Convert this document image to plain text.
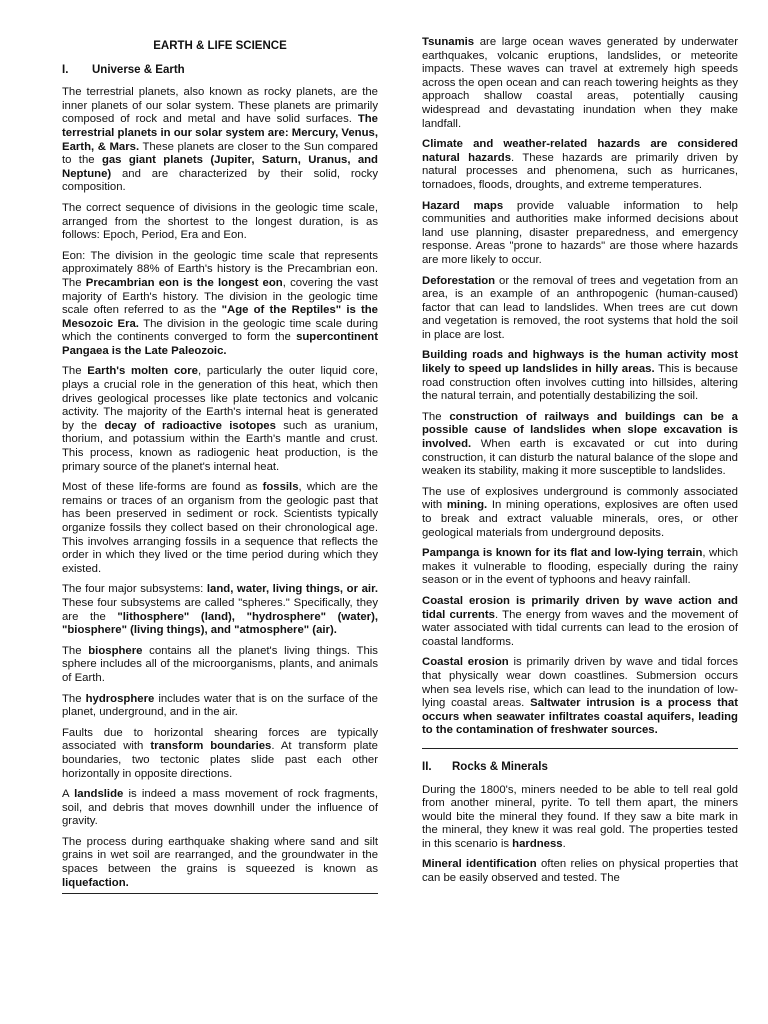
EARTH & LIFE SCIENCE
I.	Universe & Earth

The terrestrial planets, also known as rocky planets, are the inner planets of our solar system. These planets are primarily composed of rock and metal and have solid surfaces. The terrestrial planets in our solar system are: Mercury, Venus, Earth, & Mars. These planets are closer to the Sun compared to the gas giant planets (Jupiter, Saturn, Uranus, and Neptune) and are characterized by their solid, rocky composition.

The correct sequence of divisions in the geologic time scale, arranged from the shortest to the longest duration, is as follows: Epoch, Period, Era and Eon.

Eon: The division in the geologic time scale that represents approximately 88% of Earth's history is the Precambrian eon. The Precambrian eon is the longest eon, covering the vast majority of Earth's history. The division in the geologic time scale often referred to as the "Age of the Reptiles" is the Mesozoic Era. The division in the geologic time scale during which the continents converged to form the supercontinent Pangaea is the Late Paleozoic.

The Earth's molten core, particularly the outer liquid core, plays a crucial role in the generation of this heat, which then drives geological processes like plate tectonics and volcanic activity. The majority of the Earth's internal heat is generated by the decay of radioactive isotopes such as uranium, thorium, and potassium within the Earth's mantle and crust. This process, known as radiogenic heat production, is the primary source of the planet's internal heat.

Most of these life-forms are found as fossils, which are the remains or traces of an organism from the geologic past that has been preserved in sediment or rock. Scientists typically organize fossils they collect based on their chronological age. This involves arranging fossils in a sequence that reflects the order in which they lived or the time period during which they existed.

The four major subsystems: land, water, living things, or air. These four subsystems are called "spheres." Specifically, they are the "lithosphere" (land), "hydrosphere" (water), "biosphere" (living things), and "atmosphere" (air).

The biosphere contains all the planet's living things. This sphere includes all of the microorganisms, plants, and animals of Earth.

The hydrosphere includes water that is on the surface of the planet, underground, and in the air.

Faults due to horizontal shearing forces are typically associated with transform boundaries. At transform plate boundaries, two tectonic plates slide past each other horizontally in opposite directions.

A landslide is indeed a mass movement of rock fragments, soil, and debris that moves downhill under the influence of gravity.

The process during earthquake shaking where sand and silt grains in wet soil are rearranged, and the groundwater in the spaces between the grains is squeezed is known as liquefaction.

Tsunamis are large ocean waves generated by underwater earthquakes, volcanic eruptions, landslides, or meteorite impacts. These waves can travel at extremely high speeds across the open ocean and can reach towering heights as they approach shallow coastal areas, potentially causing widespread and devastating inundation when they make landfall.

Climate and weather-related hazards are considered natural hazards. These hazards are primarily driven by natural processes and phenomena, such as hurricanes, tornadoes, floods, droughts, and extreme temperatures.

Hazard maps provide valuable information to help communities and authorities make informed decisions about land use planning, disaster preparedness, and emergency response. Areas "prone to hazards" are those where hazards are more likely to occur.

Deforestation or the removal of trees and vegetation from an area, is an example of an anthropogenic (human-caused) factor that can lead to landslides. When trees are cut down and vegetation is removed, the root systems that hold the soil in place are lost.

Building roads and highways is the human activity most likely to speed up landslides in hilly areas. This is because road construction often involves cutting into hillsides, altering the natural terrain, and potentially destabilizing the soil.

The construction of railways and buildings can be a possible cause of landslides when slope excavation is involved. When earth is excavated or cut into during construction, it can disturb the natural balance of the slope and weaken its stability, making it more susceptible to landslides.

The use of explosives underground is commonly associated with mining. In mining operations, explosives are often used to break and extract valuable minerals, ores, or other geological materials from underground deposits.

Pampanga is known for its flat and low-lying terrain, which makes it vulnerable to flooding, especially during the rainy season or in the event of typhoons and heavy rainfall.

Coastal erosion is primarily driven by wave action and tidal currents. The energy from waves and the movement of water associated with tidal currents can lead to the erosion of coastal landforms.

Coastal erosion is primarily driven by wave and tidal forces that physically wear down coastlines. Submersion occurs when sea levels rise, which can lead to the inundation of low-lying coastal areas. Saltwater intrusion is a process that occurs when seawater infiltrates coastal aquifers, leading to the contamination of freshwater sources.

II.	Rocks & Minerals

During the 1800's, miners needed to be able to tell real gold from another mineral, pyrite. To tell them apart, the miners would bite the mineral they found. If they saw a bite mark in the mineral, they knew it was real gold. The properties tested in this scenario is hardness.

Mineral identification often relies on physical properties that can be easily observed and tested. The
